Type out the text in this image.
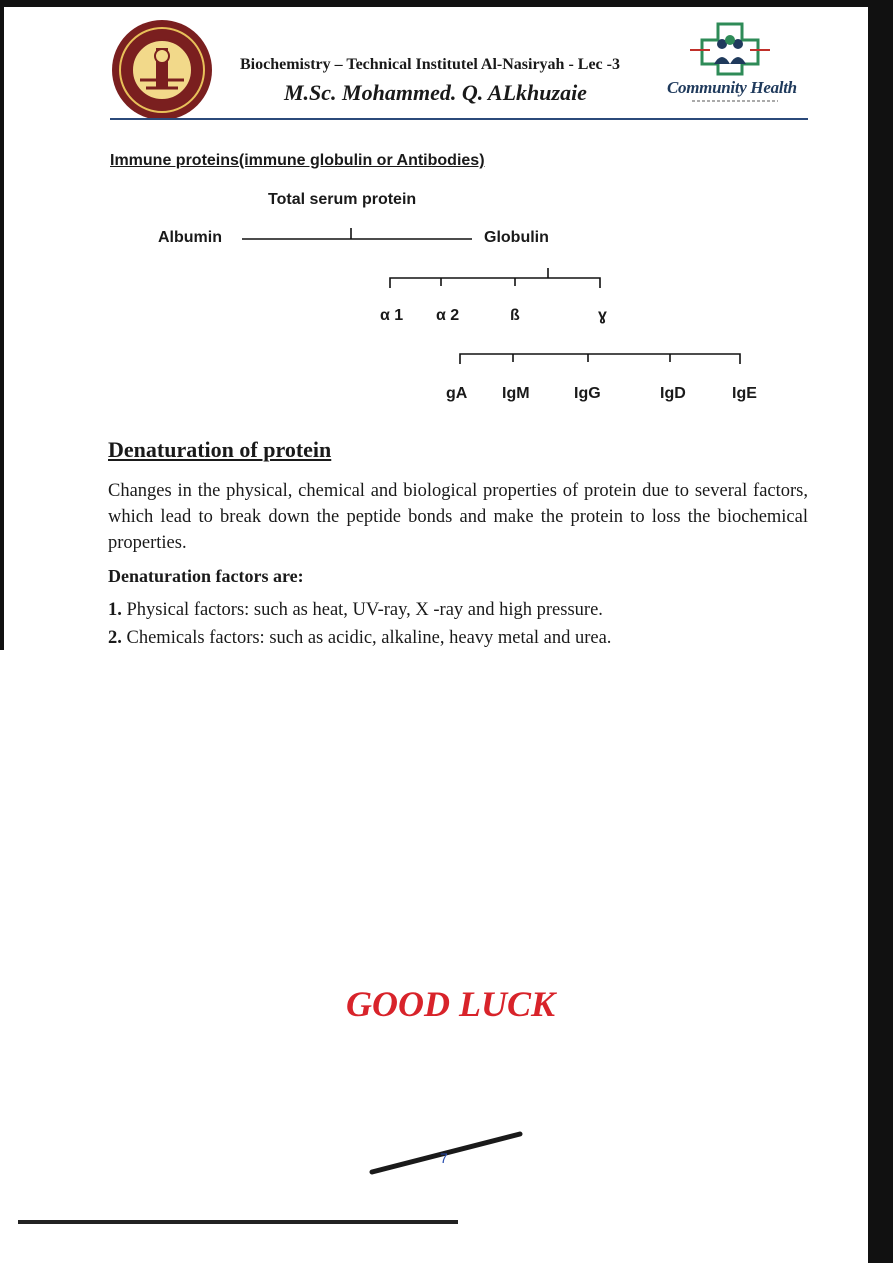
Biochemistry – Technical Institutel Al-Nasiryah - Lec -3
M.Sc. Mohammed. Q. ALkhuzaie	Community Health
Immune proteins(immune globulin or Antibodies)
Total serum protein
Albumin	Globulin
α 1 α 2	ß	ɣ
gA IgM	IgG	IgD	IgE
Denaturation of protein
Changes in the physical, chemical and biological properties of protein due to several factors, which lead to break down the peptide bonds and make the protein to loss the biochemical properties.
Denaturation factors are:
1. Physical factors: such as heat, UV-ray, X -ray and high pressure.
2. Chemicals factors: such as acidic, alkaline, heavy metal and urea.
GOOD LUCK
7
